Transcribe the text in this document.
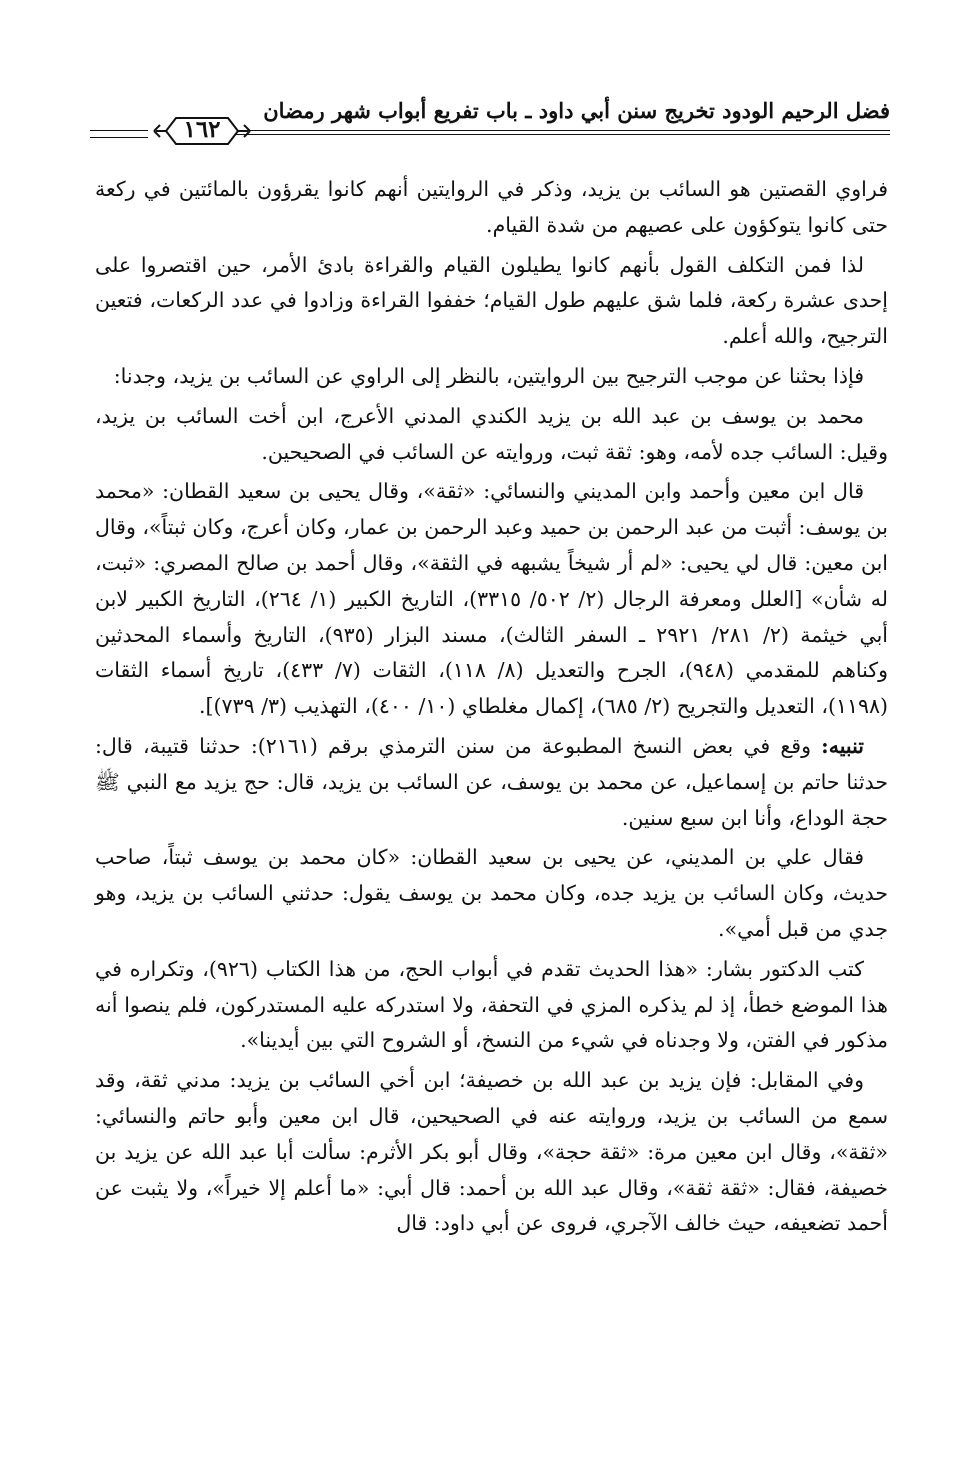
فضل الرحيم الودود تخريج سنن أبي داود ـ باب تفريع أبواب شهر رمضان
١٦٢

فراوي القصتين هو السائب بن يزيد، وذكر في الروايتين أنهم كانوا يقرؤون بالمائتين في ركعة حتى كانوا يتوكؤون على عصيهم من شدة القيام.

لذا فمن التكلف القول بأنهم كانوا يطيلون القيام والقراءة بادئ الأمر، حين اقتصروا على إحدى عشرة ركعة، فلما شق عليهم طول القيام؛ خففوا القراءة وزادوا في عدد الركعات، فتعين الترجيح، والله أعلم.

فإذا بحثنا عن موجب الترجيح بين الروايتين، بالنظر إلى الراوي عن السائب بن يزيد، وجدنا:

محمد بن يوسف بن عبد الله بن يزيد الكندي المدني الأعرج، ابن أخت السائب بن يزيد، وقيل: السائب جده لأمه، وهو: ثقة ثبت، وروايته عن السائب في الصحيحين.

قال ابن معين وأحمد وابن المديني والنسائي: «ثقة»، وقال يحيى بن سعيد القطان: «محمد بن يوسف: أثبت من عبد الرحمن بن حميد وعبد الرحمن بن عمار، وكان أعرج، وكان ثبتاً»، وقال ابن معين: قال لي يحيى: «لم أر شيخاً يشبهه في الثقة»، وقال أحمد بن صالح المصري: «ثبت، له شأن» [العلل ومعرفة الرجال (٢/ ٥٠٢/ ٣٣١٥)، التاريخ الكبير (١/ ٢٦٤)، التاريخ الكبير لابن أبي خيثمة (٢/ ٢٨١/ ٢٩٢١ ـ السفر الثالث)، مسند البزار (٩٣٥)، التاريخ وأسماء المحدثين وكناهم للمقدمي (٩٤٨)، الجرح والتعديل (٨/ ١١٨)، الثقات (٧/ ٤٣٣)، تاريخ أسماء الثقات (١١٩٨)، التعديل والتجريح (٢/ ٦٨٥)، إكمال مغلطاي (١٠/ ٤٠٠)، التهذيب (٣/ ٧٣٩)].

تنبيه: وقع في بعض النسخ المطبوعة من سنن الترمذي برقم (٢١٦١): حدثنا قتيبة، قال: حدثنا حاتم بن إسماعيل، عن محمد بن يوسف، عن السائب بن يزيد، قال: حج يزيد مع النبي ﷺ حجة الوداع، وأنا ابن سبع سنين.

فقال علي بن المديني، عن يحيى بن سعيد القطان: «كان محمد بن يوسف ثبتاً، صاحب حديث، وكان السائب بن يزيد جده، وكان محمد بن يوسف يقول: حدثني السائب بن يزيد، وهو جدي من قبل أمي».

كتب الدكتور بشار: «هذا الحديث تقدم في أبواب الحج، من هذا الكتاب (٩٢٦)، وتكراره في هذا الموضع خطأ، إذ لم يذكره المزي في التحفة، ولا استدركه عليه المستدركون، فلم ينصوا أنه مذكور في الفتن، ولا وجدناه في شيء من النسخ، أو الشروح التي بين أيدينا».

وفي المقابل: فإن يزيد بن عبد الله بن خصيفة؛ ابن أخي السائب بن يزيد: مدني ثقة، وقد سمع من السائب بن يزيد، وروايته عنه في الصحيحين، قال ابن معين وأبو حاتم والنسائي: «ثقة»، وقال ابن معين مرة: «ثقة حجة»، وقال أبو بكر الأثرم: سألت أبا عبد الله عن يزيد بن خصيفة، فقال: «ثقة ثقة»، وقال عبد الله بن أحمد: قال أبي: «ما أعلم إلا خيراً»، ولا يثبت عن أحمد تضعيفه، حيث خالف الآجري، فروى عن أبي داود: قال
